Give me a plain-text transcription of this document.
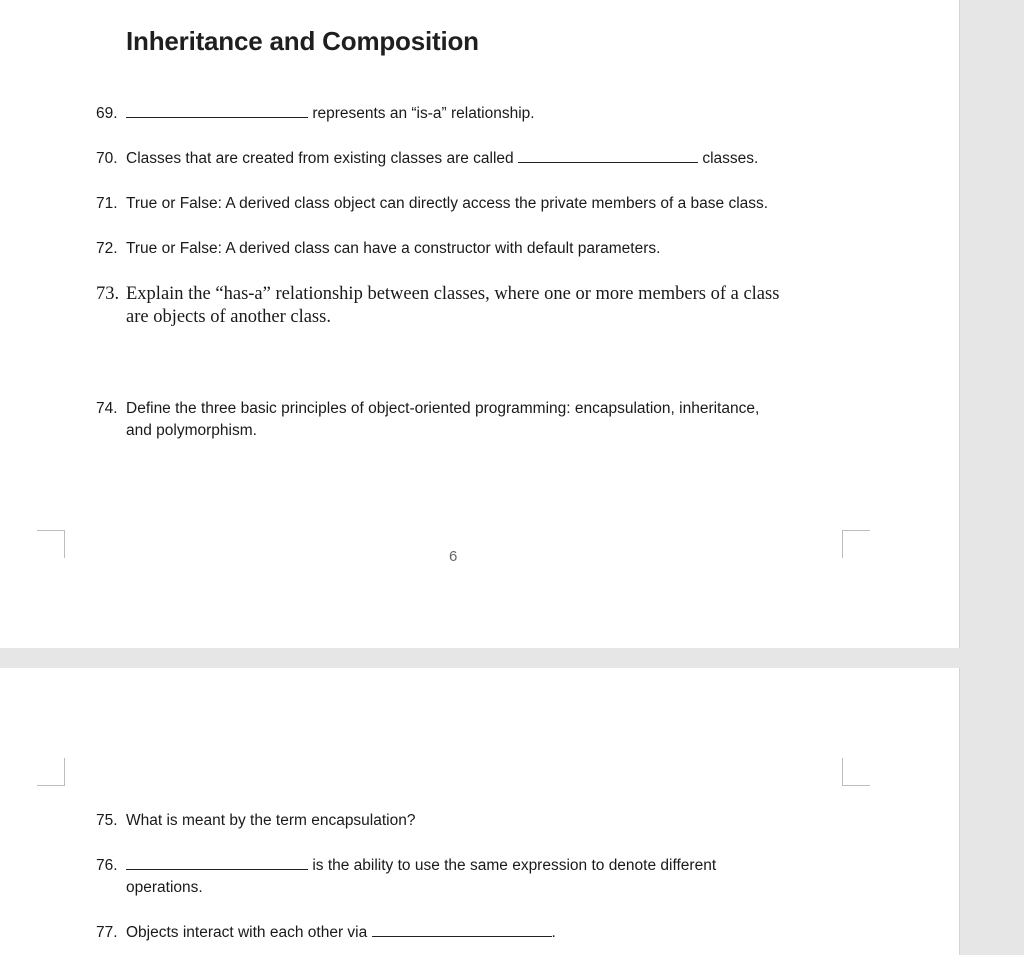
Inheritance and Composition
69.	represents an “is-a” relationship.
70. Classes that are created from existing classes are called	classes.
71. True or False: A derived class object can directly access the private members of a base class.
72. True or False: A derived class can have a constructor with default parameters.
73. Explain the “has-a” relationship between classes, where one or more members of a class
are objects of another class.
74. Define the three basic principles of object-oriented programming: encapsulation, inheritance,
and polymorphism.
6
75. What is meant by the term encapsulation?
76.	is the ability to use the same expression to denote different
operations.
77. Objects interact with each other via	.
